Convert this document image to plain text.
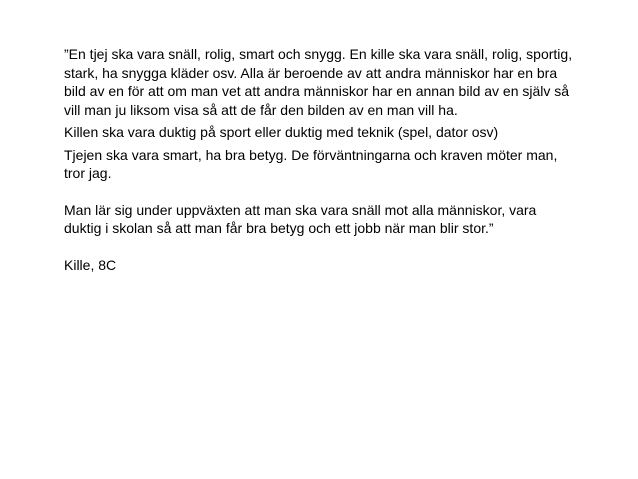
”En tjej ska vara snäll, rolig, smart och snygg. En kille ska vara snäll, rolig, sportig, stark, ha snygga kläder osv. Alla är beroende av att andra människor har en bra bild av en för att om man vet att andra människor har en annan bild av en själv så vill man ju liksom visa så att de får den bilden av en man vill ha.

Killen ska vara duktig på sport eller duktig med teknik (spel, dator osv)

Tjejen ska vara smart, ha bra betyg. De förväntningarna och kraven möter man, tror jag.

Man lär sig under uppväxten att man ska vara snäll mot alla människor, vara duktig i skolan så att man får bra betyg och ett jobb när man blir stor.”

Kille, 8C
